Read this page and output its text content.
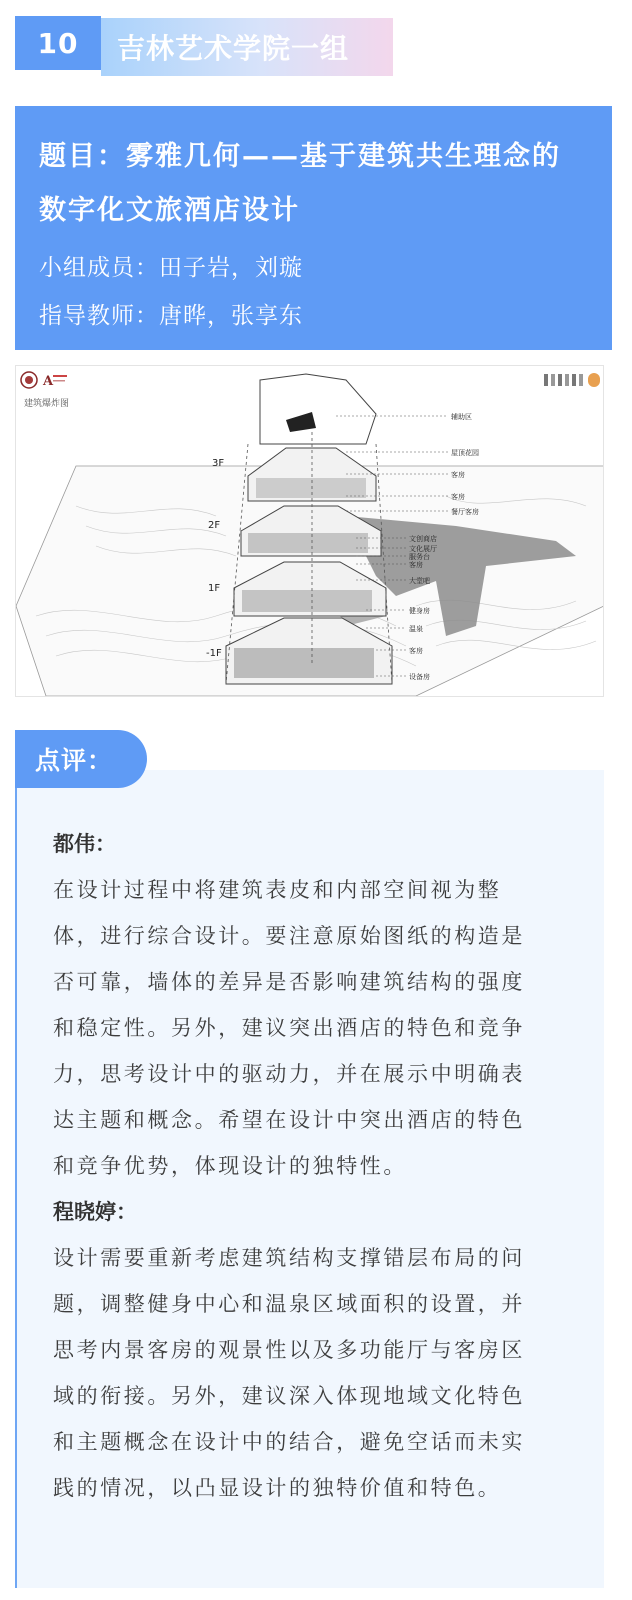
10	吉林艺术学院一组
题目：雾雅几何——基于建筑共生理念的
数字化文旅酒店设计
小组成员：田子岩，刘璇
指导教师：唐晔，张享东
A
建筑爆炸图
3F
2F
1F
-1F
辅助区
屋顶花园
客房
客房
餐厅客房
文创商店
文化展厅
服务台
客房
大堂吧
健身房
温泉
客房
设备房
点评：
都伟：
在设计过程中将建筑表皮和内部空间视为整
体，进行综合设计。要注意原始图纸的构造是
否可靠，墙体的差异是否影响建筑结构的强度
和稳定性。另外，建议突出酒店的特色和竞争
力，思考设计中的驱动力，并在展示中明确表
达主题和概念。希望在设计中突出酒店的特色
和竞争优势，体现设计的独特性。
程晓婷：
设计需要重新考虑建筑结构支撑错层布局的问
题，调整健身中心和温泉区域面积的设置，并
思考内景客房的观景性以及多功能厅与客房区
域的衔接。另外，建议深入体现地域文化特色
和主题概念在设计中的结合，避免空话而未实
践的情况，以凸显设计的独特价值和特色。
